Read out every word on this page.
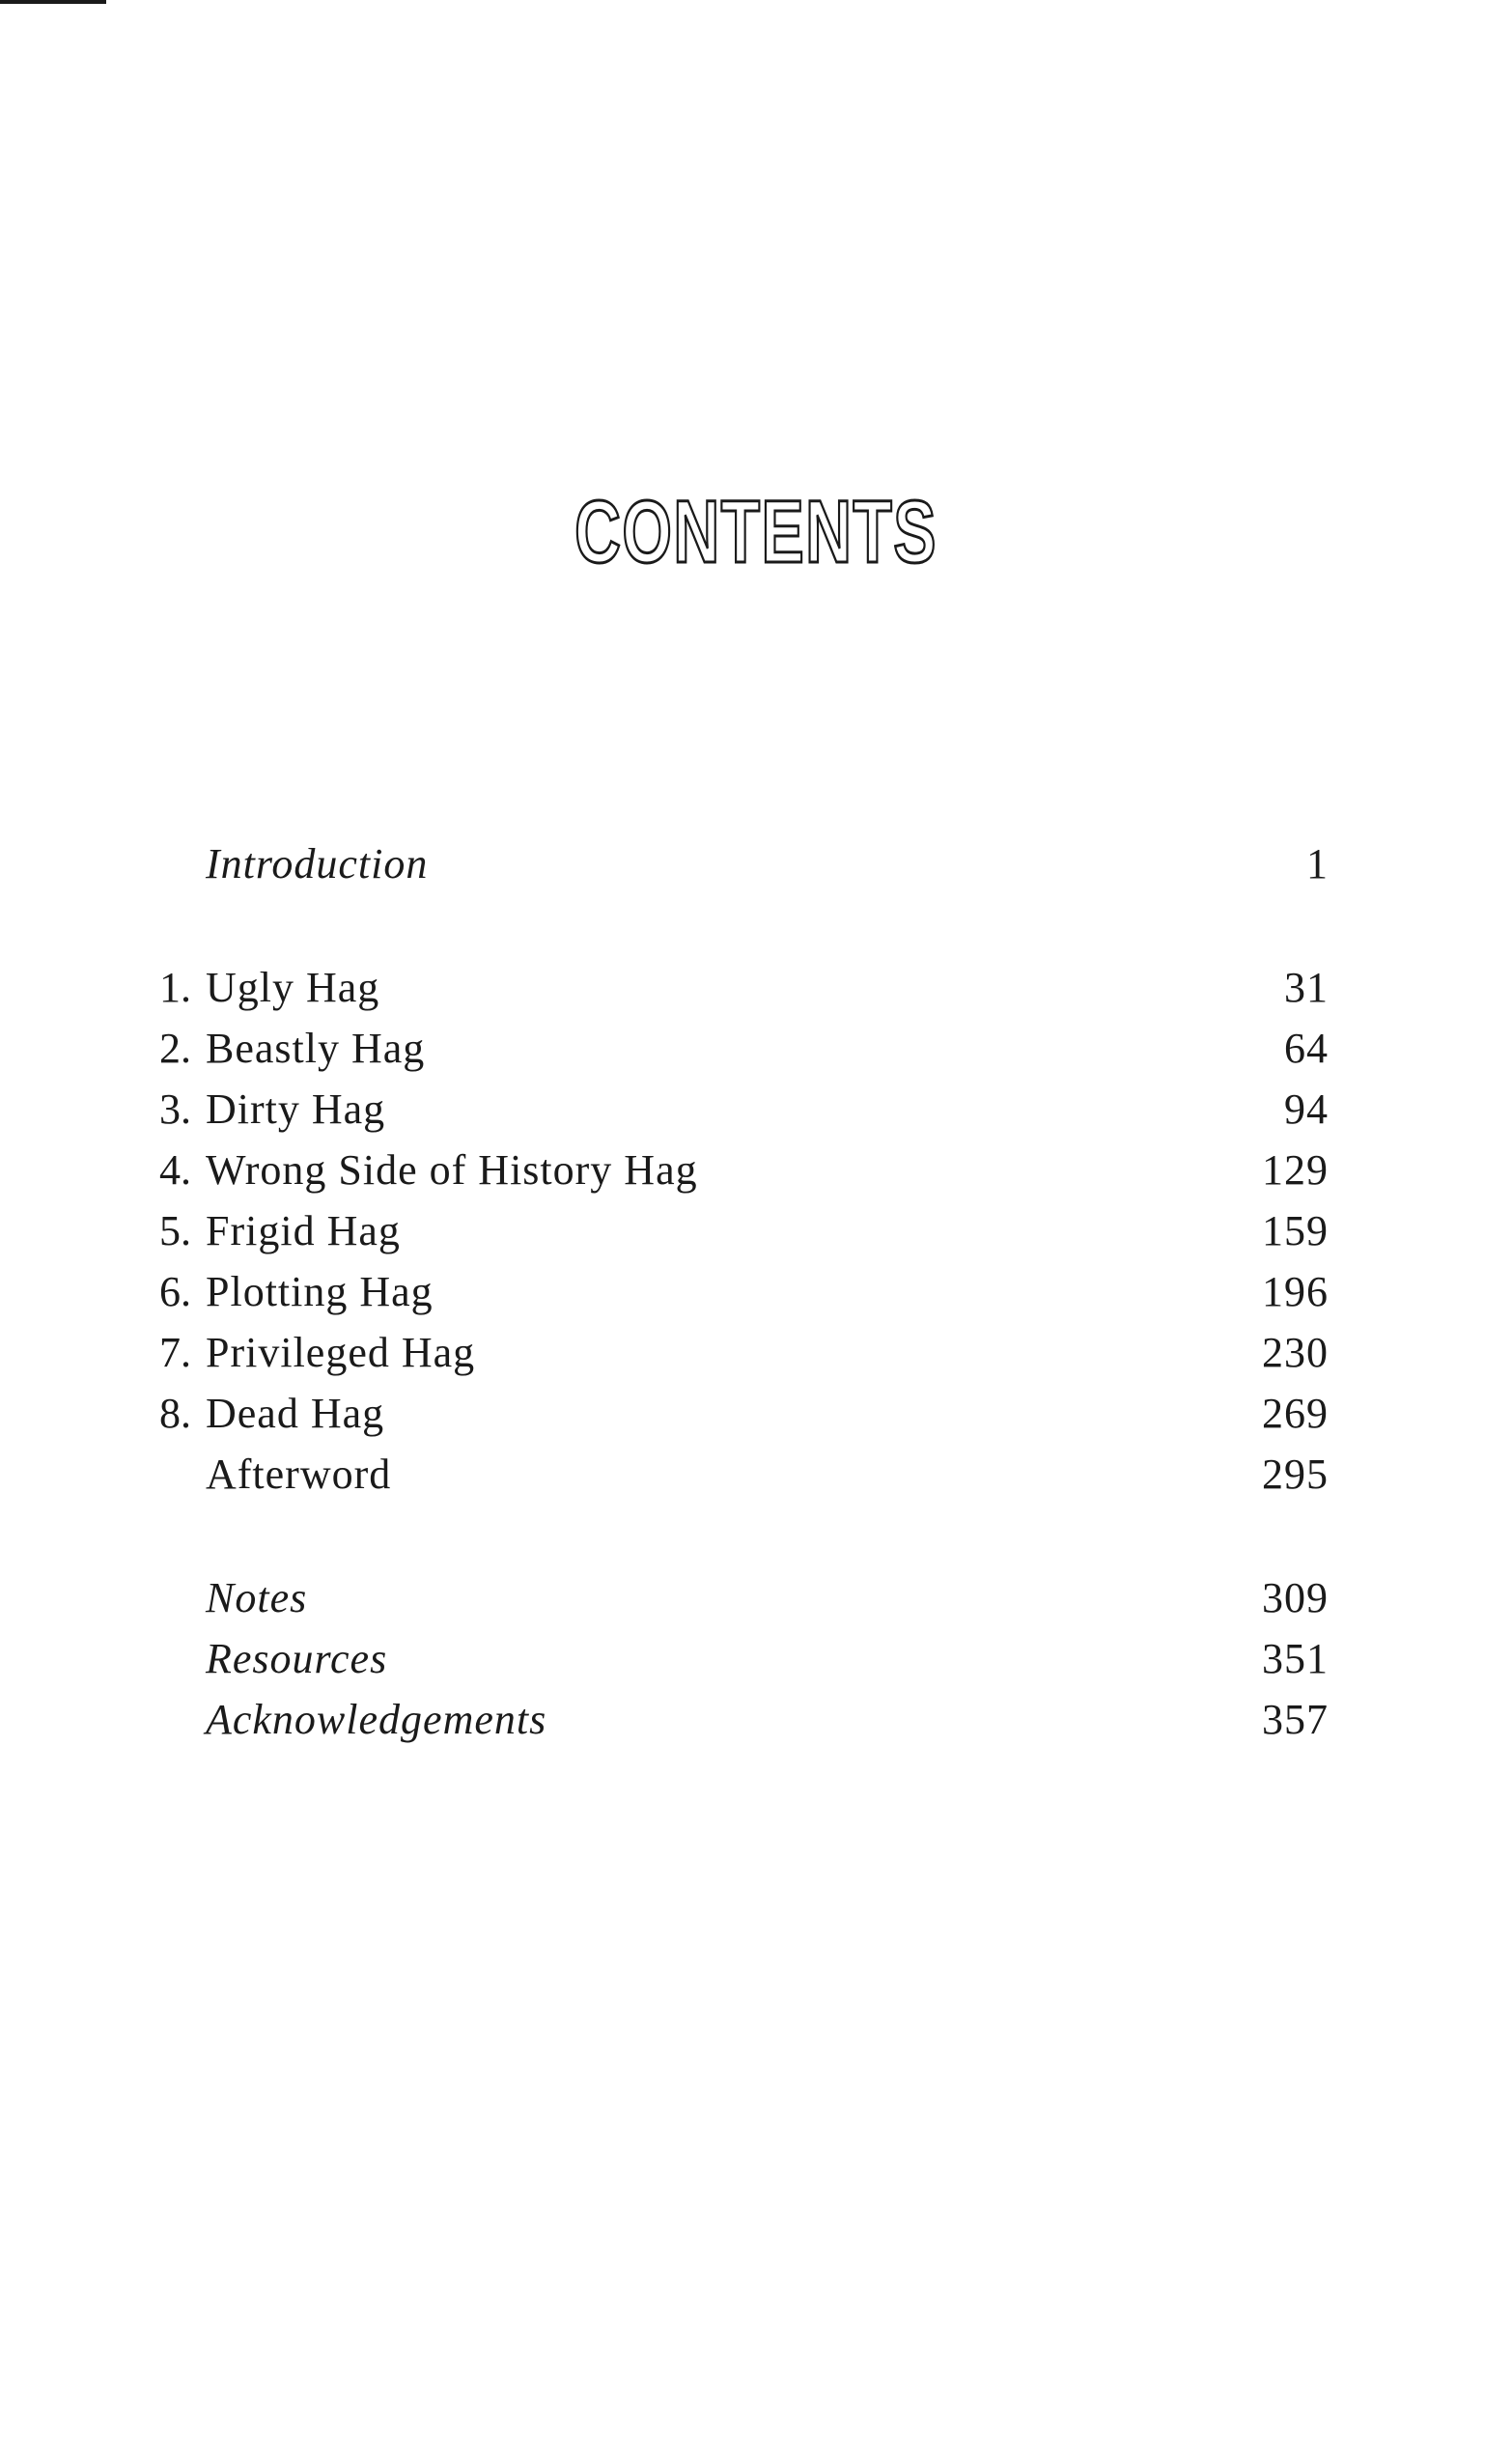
CONTENTS
Introduction	1
1. Ugly Hag	31
2. Beastly Hag	64
3. Dirty Hag	94
4. Wrong Side of History Hag	129
5. Frigid Hag	159
6. Plotting Hag	196
7. Privileged Hag	230
8. Dead Hag	269
Afterword	295
Notes	309
Resources	351
Acknowledgements	357
